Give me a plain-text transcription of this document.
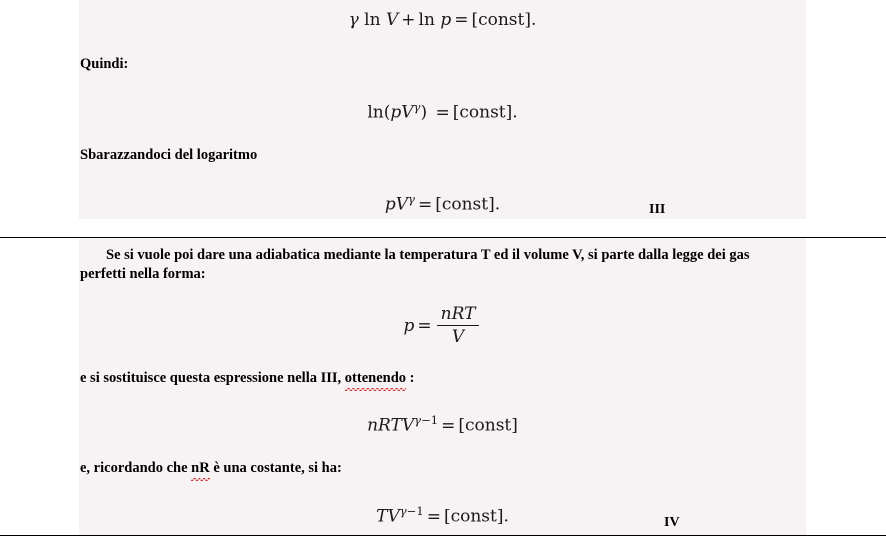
γ ln V + ln p = [const].
Quindi:
$\ln(pV^\gamma)$ = [const].
Sbarazzandoci del logaritmo
$pV^\gamma$ = [const].	III
Se si vuole poi dare una adiabatica mediante la temperatura T ed il volume V, si parte dalla legge dei gas perfetti nella forma:
$p = \frac{\text{nRT}}{V}$
e si sostituisce questa espressione nella III, ottenendo :
nRTV$^{\gamma-1}$ = [const]
e, ricordando che nR è una costante, si ha:
$TV^{\gamma-1}$ = [const].	IV
